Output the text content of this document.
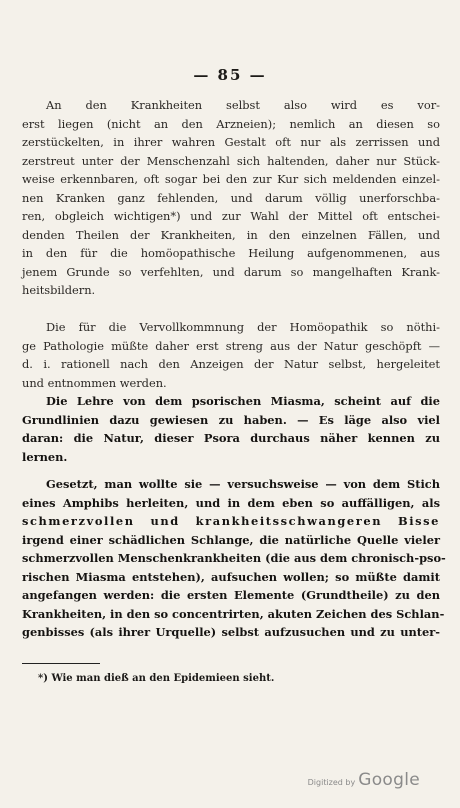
— 85 —
An den Krankheiten selbst also wird es vor-
erst liegen (nicht an den Arzneien); nemlich an diesen so
zerstückelten, in ihrer wahren Gestalt oft nur als zerrissen und
zerstreut unter der Menschenzahl sich haltenden, daher nur Stück-
weise erkennbaren, oft sogar bei den zur Kur sich meldenden einzel-
nen Kranken ganz fehlenden, und darum völlig unerforschba-
ren, obgleich wichtigen*) und zur Wahl der Mittel oft entschei-
denden Theilen der Krankheiten, in den einzelnen Fällen, und
in den für die homöopathische Heilung aufgenommenen, aus
jenem Grunde so verfehlten, und darum so mangelhaften Krank-
heitsbildern.
Die für die Vervollkommnung der Homöopathik so nöthi-
ge Pathologie müßte daher erst streng aus der Natur geschöpft —
d. i. rationell nach den Anzeigen der Natur selbst, hergeleitet
und entnommen werden.
Die Lehre von dem psorischen Miasma, scheint auf die
Grundlinien dazu gewiesen zu haben. — Es läge also viel
daran: die Natur, dieser Psora durchaus näher kennen zu
lernen.
Gesetzt, man wollte sie — versuchsweise — von dem Stich
eines Amphibs herleiten, und in dem eben so auffälligen, als
schmerzvollen und krankheitsschwangeren Bisse
irgend einer schädlichen Schlange, die natürliche Quelle vieler
schmerzvollen Menschenkrankheiten (die aus dem chronisch-pso-
rischen Miasma entstehen), aufsuchen wollen; so müßte damit
angefangen werden: die ersten Elemente (Grundtheile) zu den
Krankheiten, in den so concentrirten, akuten Zeichen des Schlan-
genbisses (als ihrer Urquelle) selbst aufzusuchen und zu unter-
*) Wie man dieß an den Epidemieen sieht.
Digitized by Google
